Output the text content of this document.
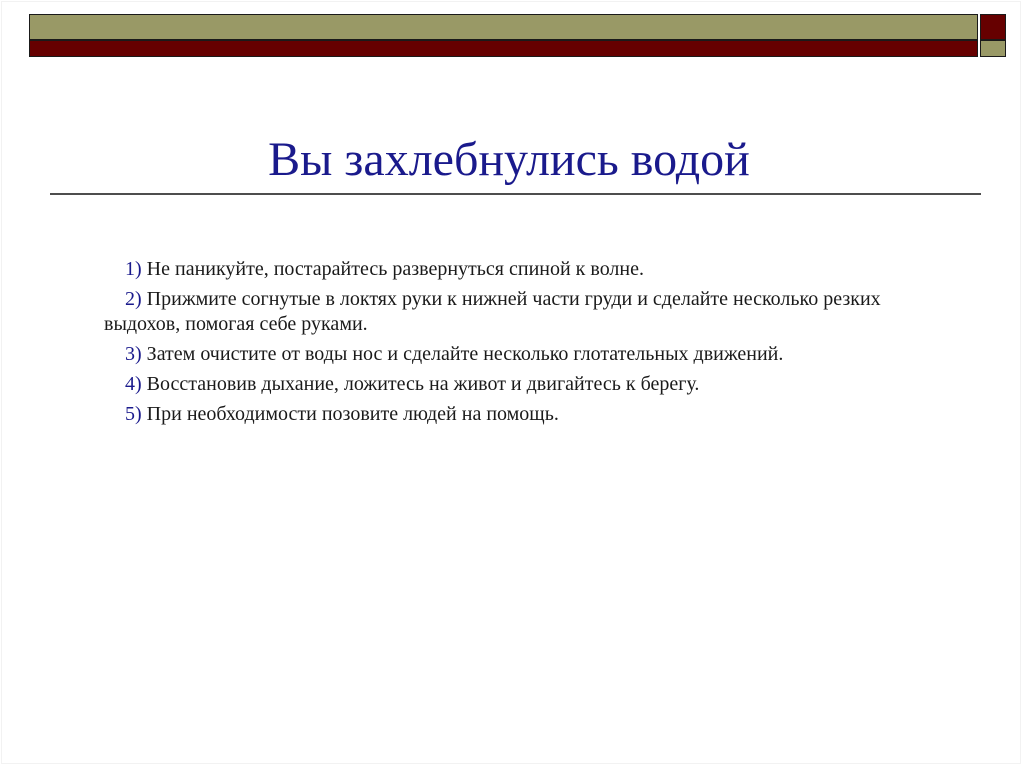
Вы захлебнулись водой

1) Не паникуйте, постарайтесь развернуться спиной к волне.

2) Прижмите согнутые в локтях руки к нижней части груди и сделайте несколько резких выдохов, помогая себе руками.

3) Затем очистите от воды нос и сделайте несколько глотательных движений.

4) Восстановив дыхание, ложитесь на живот и двигайтесь к берегу.

5) При необходимости позовите людей на помощь.
